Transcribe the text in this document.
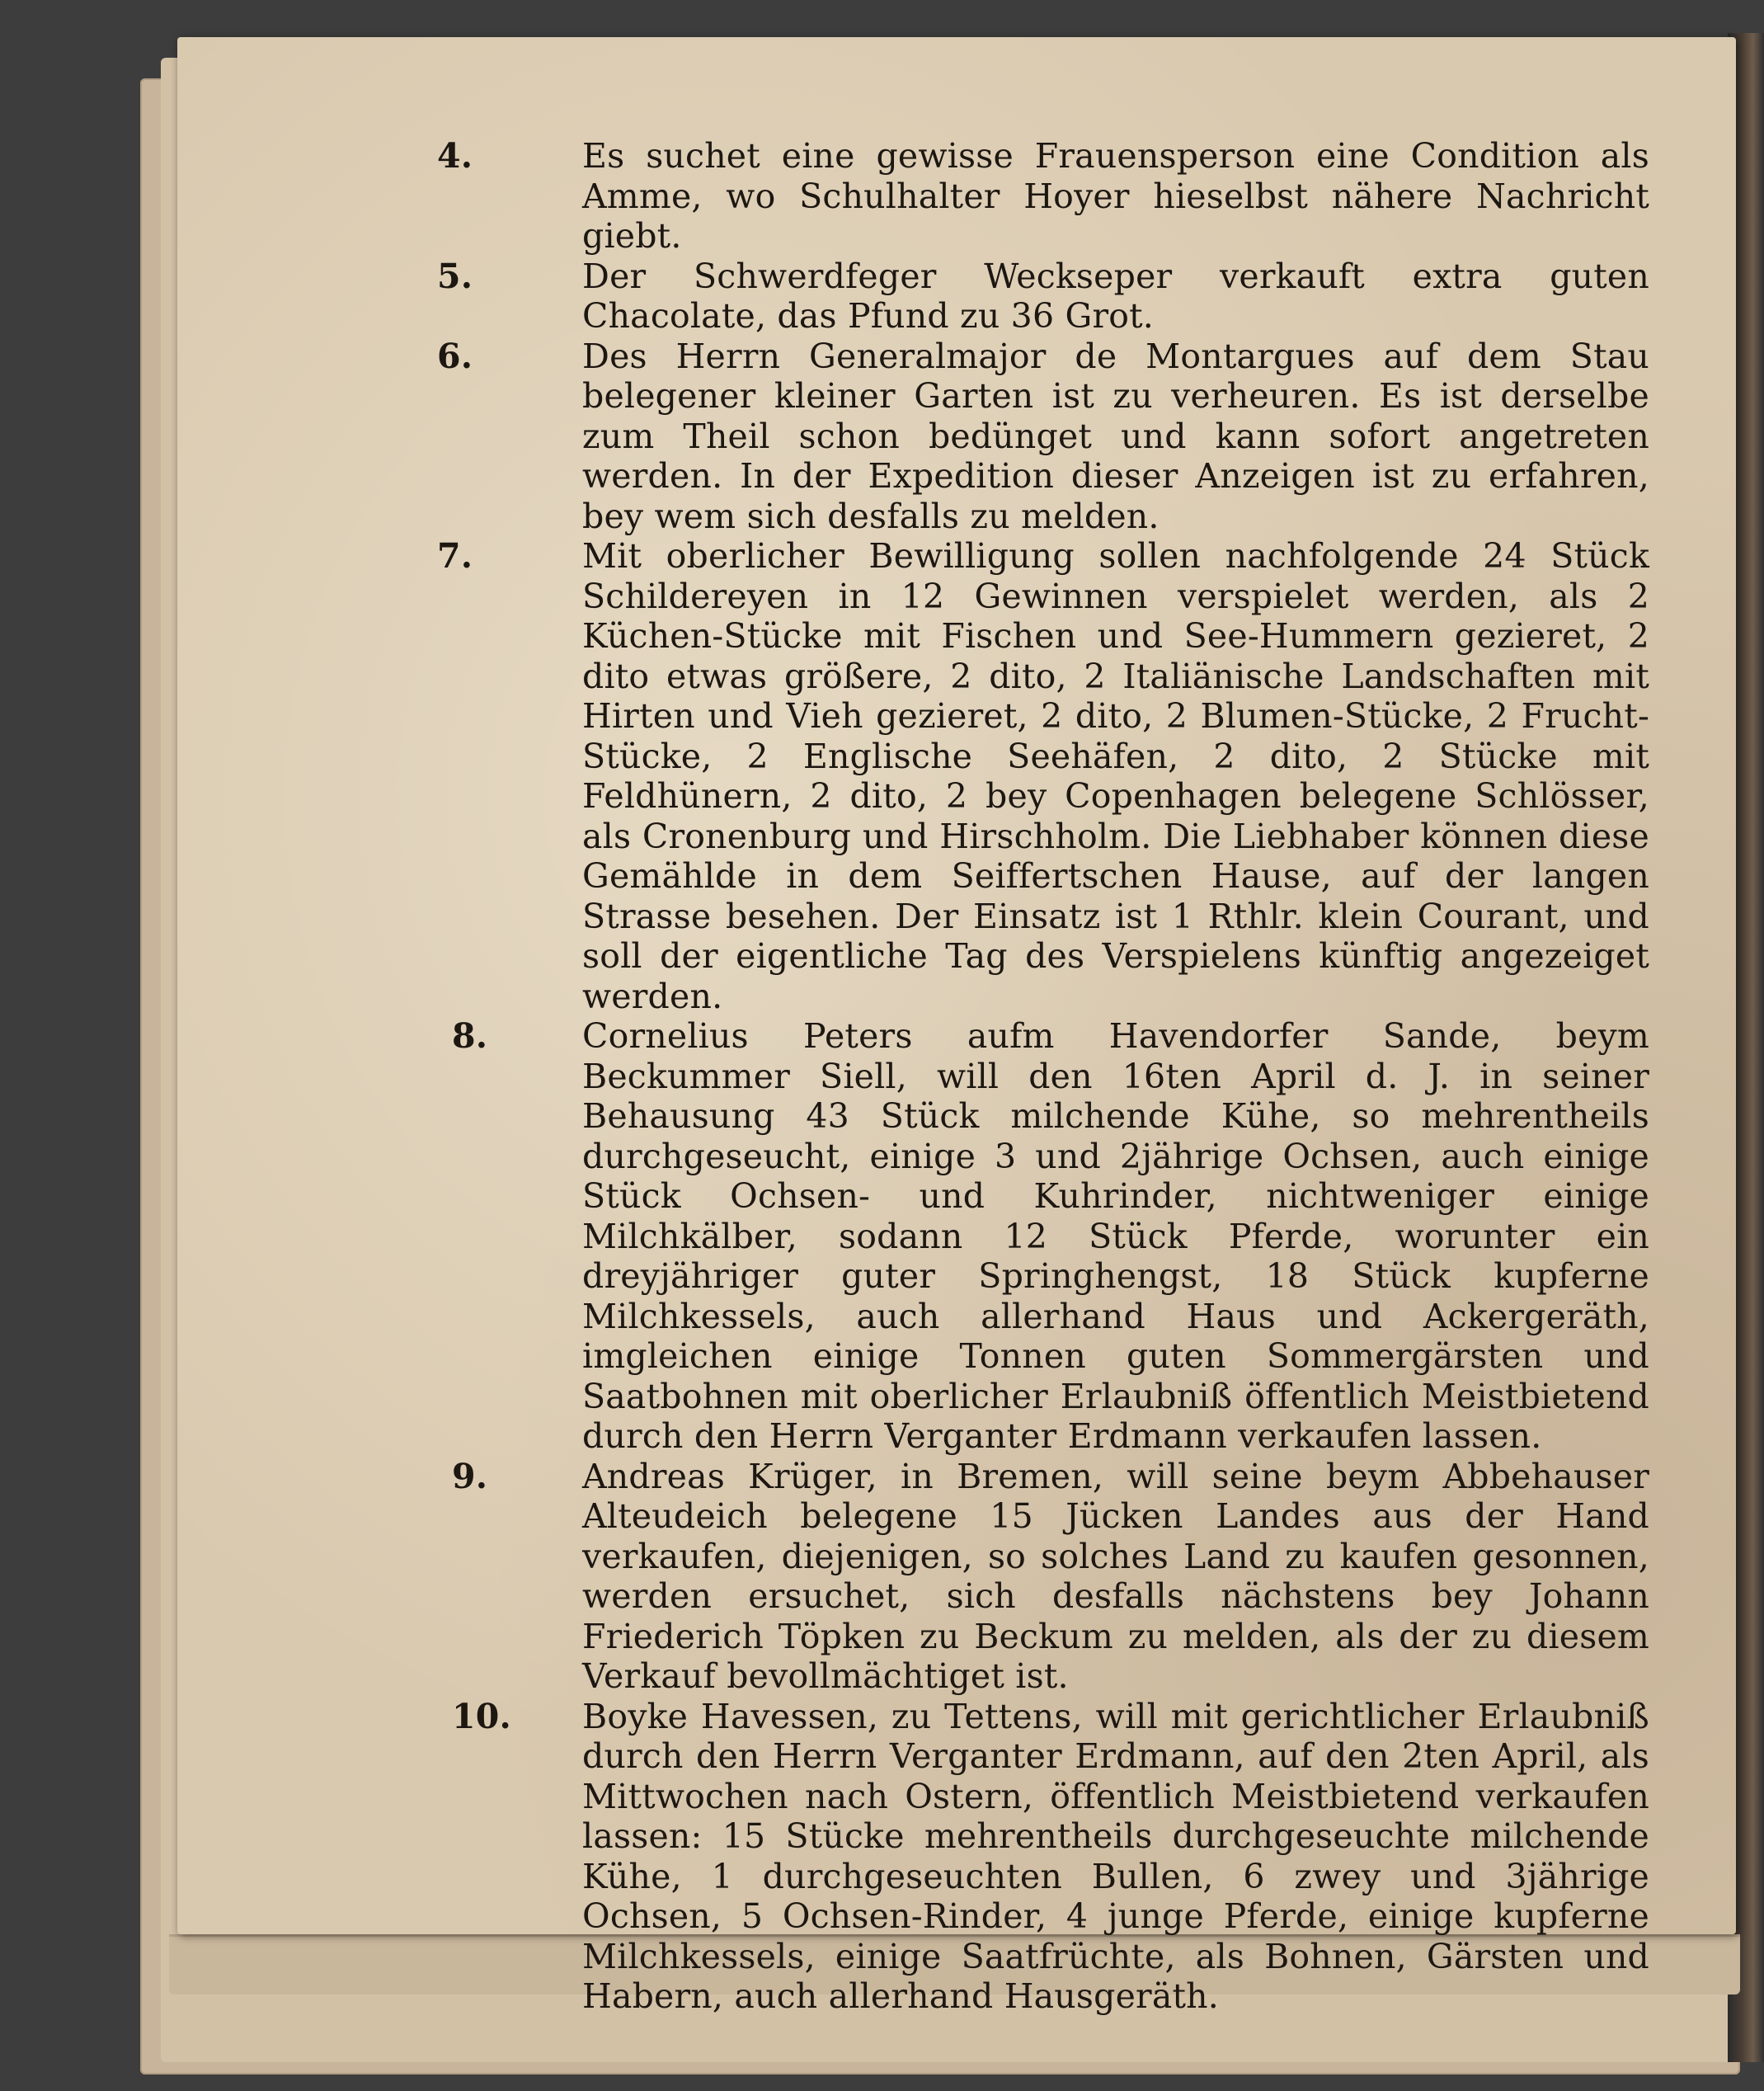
4.	Es suchet eine gewisse Frauensperson eine Condition als Amme, wo Schulhalter Hoyer hieselbst nähere Nachricht giebt.

5.	Der Schwerdfeger Weckseper verkauft extra guten Chacolate, das Pfund zu 36 Grot.

6.	Des Herrn Generalmajor de Montargues auf dem Stau belegener kleiner Garten ist zu verheuren. Es ist derselbe zum Theil schon bedünget und kann sofort angetreten werden. In der Expedition dieser Anzeigen ist zu erfahren, bey wem sich desfalls zu melden.

7.	Mit oberlicher Bewilligung sollen nachfolgende 24 Stück Schildereyen in 12 Gewinnen verspielet werden, als 2 Küchen-Stücke mit Fischen und See-Hummern gezieret, 2 dito etwas größere, 2 dito, 2 Italiänische Landschaften mit Hirten und Vieh gezieret, 2 dito, 2 Blumen-Stücke, 2 Frucht-Stücke, 2 Englische Seehäfen, 2 dito, 2 Stücke mit Feldhünern, 2 dito, 2 bey Copenhagen belegene Schlösser, als Cronenburg und Hirschholm. Die Liebhaber können diese Gemählde in dem Seiffertschen Hause, auf der langen Strasse besehen. Der Einsatz ist 1 Rthlr. klein Courant, und soll der eigentliche Tag des Verspielens künftig angezeiget werden.

8.	Cornelius Peters aufm Havendorfer Sande, beym Beckummer Siell, will den 16ten April d. J. in seiner Behausung 43 Stück milchende Kühe, so mehrentheils durchgeseucht, einige 3 und 2jährige Ochsen, auch einige Stück Ochsen- und Kuhrinder, nichtweniger einige Milchkälber, sodann 12 Stück Pferde, worunter ein dreyjähriger guter Springhengst, 18 Stück kupferne Milchkessels, auch allerhand Haus und Ackergeräth, imgleichen einige Tonnen guten Sommergärsten und Saatbohnen mit oberlicher Erlaubniß öffentlich Meistbietend durch den Herrn Verganter Erdmann verkaufen lassen.

9.	Andreas Krüger, in Bremen, will seine beym Abbehauser Alteudeich belegene 15 Jücken Landes aus der Hand verkaufen, diejenigen, so solches Land zu kaufen gesonnen, werden ersuchet, sich desfalls nächstens bey Johann Friederich Töpken zu Beckum zu melden, als der zu diesem Verkauf bevollmächtiget ist.

10.	Boyke Havessen, zu Tettens, will mit gerichtlicher Erlaubniß durch den Herrn Verganter Erdmann, auf den 2ten April, als Mittwochen nach Ostern, öffentlich Meistbietend verkaufen lassen: 15 Stücke mehrentheils durchgeseuchte milchende Kühe, 1 durchgeseuchten Bullen, 6 zwey und 3jährige Ochsen, 5 Ochsen-Rinder, 4 junge Pferde, einige kupferne Milchkessels, einige Saatfrüchte, als Bohnen, Gärsten und Habern, auch allerhand Hausgeräth.
